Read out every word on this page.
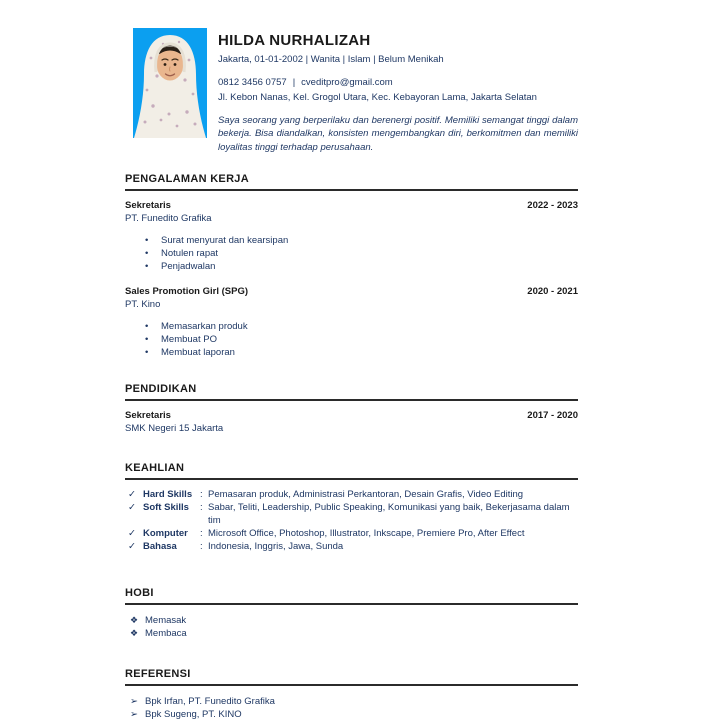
HILDA NURHALIZAH
Jakarta, 01-01-2002 | Wanita | Islam | Belum Menikah
0812 3456 0757 | cveditpro@gmail.com
Jl. Kebon Nanas, Kel. Grogol Utara, Kec. Kebayoran Lama, Jakarta Selatan
Saya seorang yang berperilaku dan berenergi positif. Memiliki semangat tinggi dalam bekerja. Bisa diandalkan, konsisten mengembangkan diri, berkomitmen dan memiliki loyalitas tinggi terhadap perusahaan.
PENGALAMAN KERJA
Sekretaris	2022 - 2023
PT. Funedito Grafika
•	Surat menyurat dan kearsipan
•	Notulen rapat
•	Penjadwalan
Sales Promotion Girl (SPG)	2020 - 2021
PT. Kino
•	Memasarkan produk
•	Membuat PO
•	Membuat laporan
PENDIDIKAN
Sekretaris	2017 - 2020
SMK Negeri 15 Jakarta
KEAHLIAN
✓ Hard Skills : Pemasaran produk, Administrasi Perkantoran, Desain Grafis, Video Editing
✓ Soft Skills	: Sabar, Teliti, Leadership, Public Speaking, Komunikasi yang baik, Bekerjasama dalam tim
✓ Komputer	: Microsoft Office, Photoshop, Illustrator, Inkscape, Premiere Pro, After Effect
✓ Bahasa	: Indonesia, Inggris, Jawa, Sunda
HOBI
❖ Memasak
❖ Membaca
REFERENSI
➢ Bpk Irfan, PT. Funedito Grafika
➢ Bpk Sugeng, PT. KINO
